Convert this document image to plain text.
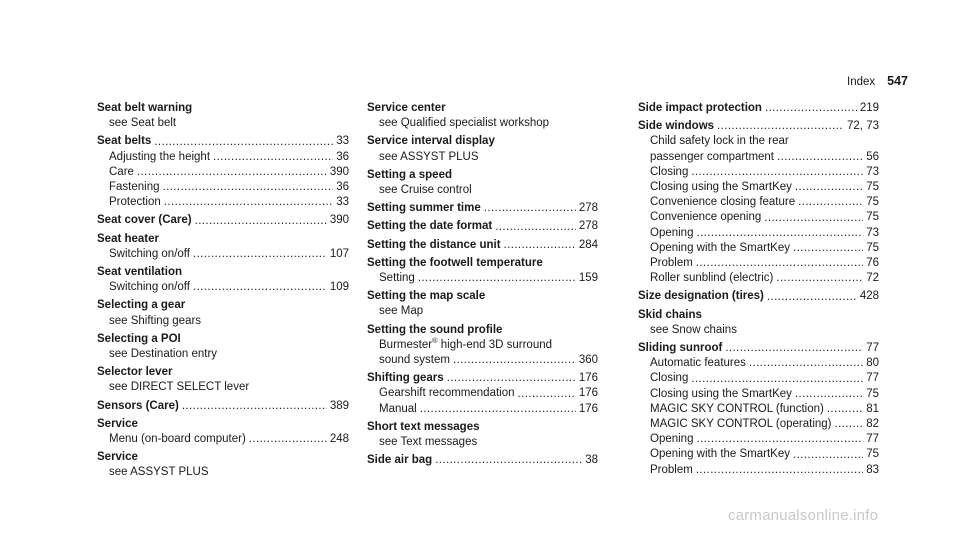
Index 547
Seat belt warning
see Seat belt
Seat belts .....	33
Adjusting the height .....	36
Care .....	390
Fastening .....	36
Protection .....	33
Seat cover (Care) .....	390
Seat heater
Switching on/off .....	107
Seat ventilation
Switching on/off .....	109
Selecting a gear
see Shifting gears
Selecting a POI
see Destination entry
Selector lever
see DIRECT SELECT lever
Sensors (Care) .....	389
Service
Menu (on-board computer) .....	248
Service
see ASSYST PLUS
Service center
see Qualified specialist workshop
Service interval display
see ASSYST PLUS
Setting a speed
see Cruise control
Setting summer time .....	278
Setting the date format .....	278
Setting the distance unit .....	284
Setting the footwell temperature
Setting .....	159
Setting the map scale
see Map
Setting the sound profile
Burmester® high-end 3D surround
sound system .....	360
Shifting gears .....	176
Gearshift recommendation .....	176
Manual .....	176
Short text messages
see Text messages
Side air bag .....	38
Side impact protection .....	219
Side windows .....	72, 73
Child safety lock in the rear
passenger compartment .....	56
Closing .....	73
Closing using the SmartKey .....	75
Convenience closing feature .....	75
Convenience opening .....	75
Opening .....	73
Opening with the SmartKey .....	75
Problem .....	76
Roller sunblind (electric) .....	72
Size designation (tires) .....	428
Skid chains
see Snow chains
Sliding sunroof .....	77
Automatic features .....	80
Closing .....	77
Closing using the SmartKey .....	75
MAGIC SKY CONTROL (function) .....	81
MAGIC SKY CONTROL (operating) .....	82
Opening .....	77
Opening with the SmartKey .....	75
Problem .....	83
carmanualsonline.info
